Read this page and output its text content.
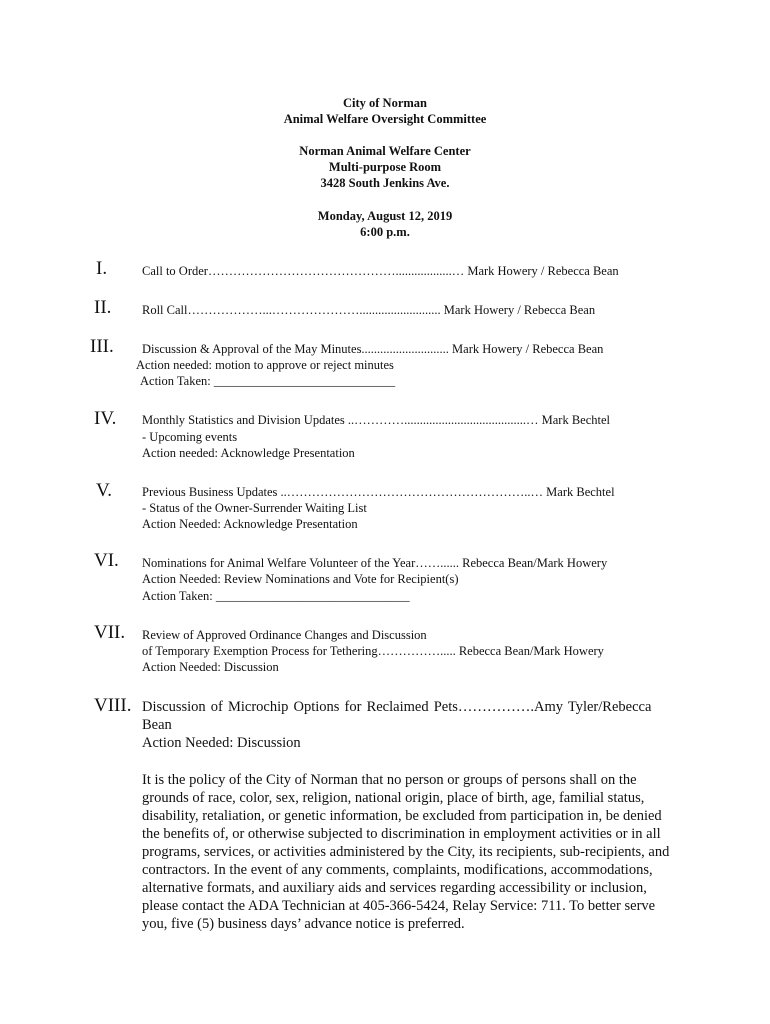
City of Norman
Animal Welfare Oversight Committee
Norman Animal Welfare Center
Multi-purpose Room
3428 South Jenkins Ave.
Monday, August 12, 2019
6:00 p.m.
I.	Call to Order………………………………………..................… Mark Howery / Rebecca Bean
II. Roll Call………………...………………….......................... Mark Howery / Rebecca Bean
III. Discussion & Approval of the May Minutes............................ Mark Howery / Rebecca Bean
Action needed: motion to approve or reject minutes
Action Taken: _____________________________
IV. Monthly Statistics and Division Updates ..………….......................................… Mark Bechtel
- Upcoming events
Action needed: Acknowledge Presentation
V. Previous Business Updates ..…………………………………………………..… Mark Bechtel
- Status of the Owner-Surrender Waiting List
Action Needed: Acknowledge Presentation
VI. Nominations for Animal Welfare Volunteer of the Year……...... Rebecca Bean/Mark Howery
Action Needed: Review Nominations and Vote for Recipient(s)
Action Taken: _______________________________
VII. Review of Approved Ordinance Changes and Discussion
of Temporary Exemption Process for Tethering……………..... Rebecca Bean/Mark Howery
Action Needed: Discussion
VIII. Discussion of Microchip Options for Reclaimed Pets…………….Amy Tyler/Rebecca
Bean
Action Needed: Discussion
It is the policy of the City of Norman that no person or groups of persons shall on the grounds of race, color, sex, religion, national origin, place of birth, age, familial status, disability, retaliation, or genetic information, be excluded from participation in, be denied the benefits of, or otherwise subjected to discrimination in employment activities or in all programs, services, or activities administered by the City, its recipients, sub-recipients, and contractors. In the event of any comments, complaints, modifications, accommodations, alternative formats, and auxiliary aids and services regarding accessibility or inclusion, please contact the ADA Technician at 405-366-5424, Relay Service: 711. To better serve you, five (5) business days’ advance notice is preferred.
